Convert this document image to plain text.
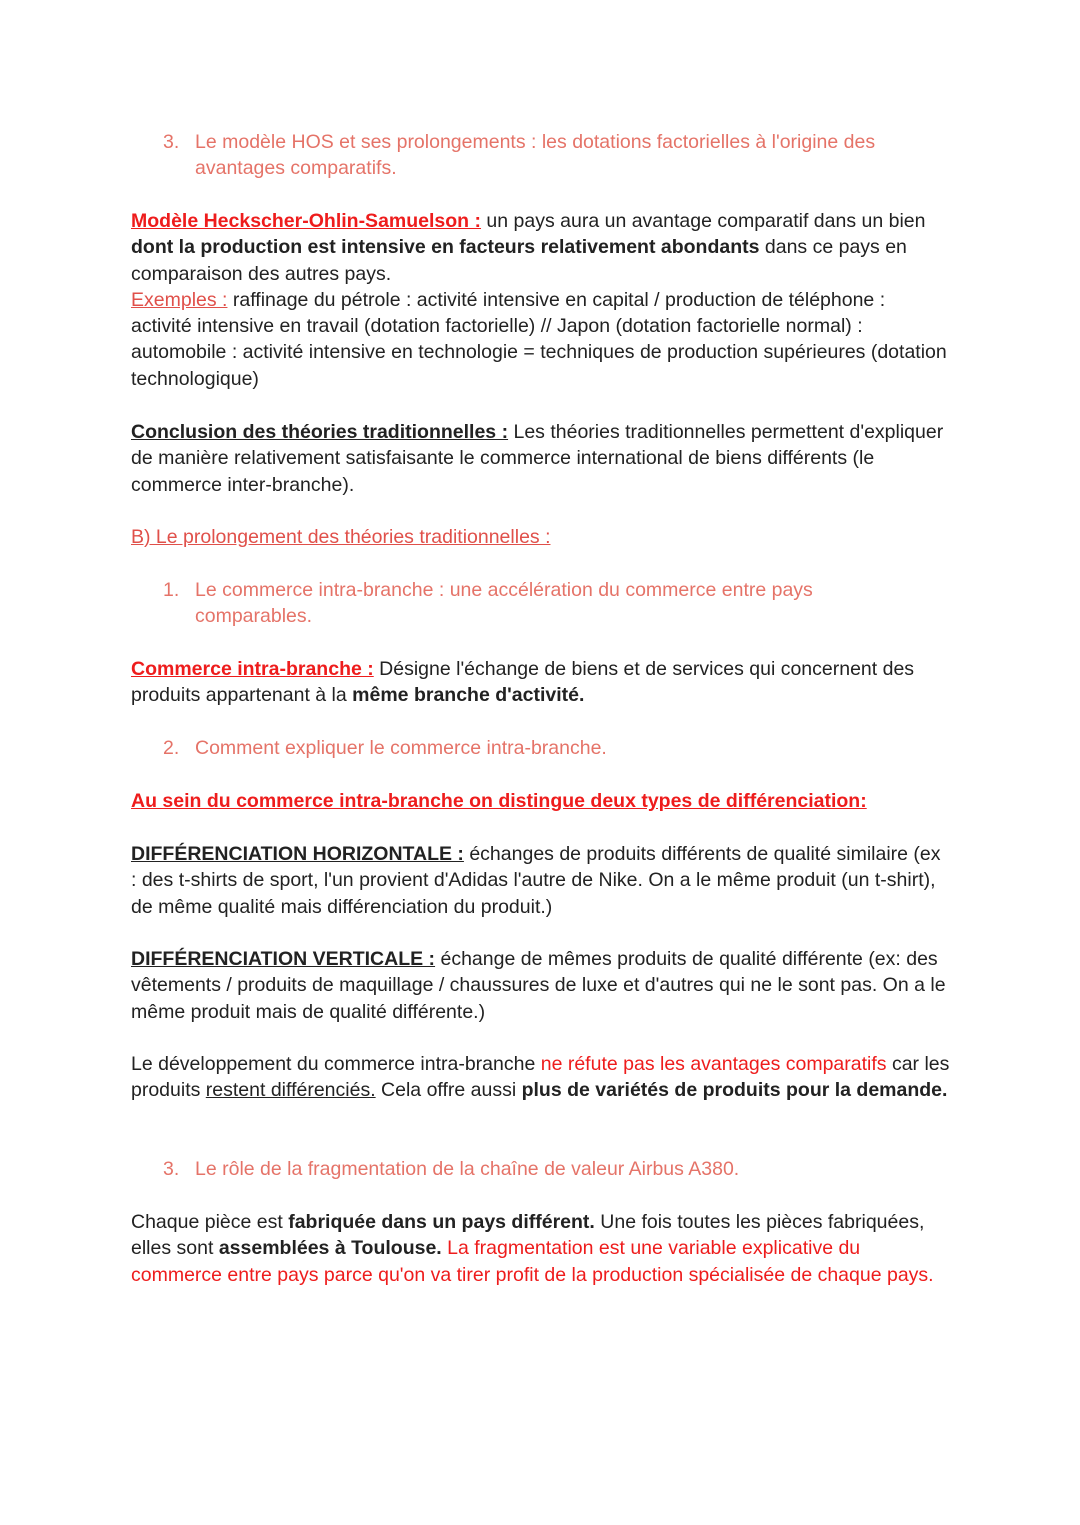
3. Le modèle HOS et ses prolongements : les dotations factorielles à l'origine des
avantages comparatifs.

Modèle Heckscher-Ohlin-Samuelson : un pays aura un avantage comparatif dans un bien dont la production est intensive en facteurs relativement abondants dans ce pays en comparaison des autres pays.
Exemples : raffinage du pétrole : activité intensive en capital / production de téléphone : activité intensive en travail (dotation factorielle) // Japon (dotation factorielle normal) : automobile : activité intensive en technologie = techniques de production supérieures (dotation technologique)

Conclusion des théories traditionnelles : Les théories traditionnelles permettent d'expliquer de manière relativement satisfaisante le commerce international de biens différents (le commerce inter-branche).

B) Le prolongement des théories traditionnelles :

1. Le commerce intra-branche : une accélération du commerce entre pays
comparables.

Commerce intra-branche : Désigne l'échange de biens et de services qui concernent des produits appartenant à la même branche d'activité.

2. Comment expliquer le commerce intra-branche.

Au sein du commerce intra-branche on distingue deux types de différenciation:

DIFFÉRENCIATION HORIZONTALE : échanges de produits différents de qualité similaire (ex : des t-shirts de sport, l'un provient d'Adidas l'autre de Nike. On a le même produit (un t-shirt), de même qualité mais différenciation du produit.)

DIFFÉRENCIATION VERTICALE : échange de mêmes produits de qualité différente (ex: des vêtements / produits de maquillage / chaussures de luxe et d'autres qui ne le sont pas. On a le même produit mais de qualité différente.)

Le développement du commerce intra-branche ne réfute pas les avantages comparatifs car les produits restent différenciés. Cela offre aussi plus de variétés de produits pour la demande.

3. Le rôle de la fragmentation de la chaîne de valeur Airbus A380.

Chaque pièce est fabriquée dans un pays différent. Une fois toutes les pièces fabriquées, elles sont assemblées à Toulouse. La fragmentation est une variable explicative du commerce entre pays parce qu'on va tirer profit de la production spécialisée de chaque pays.
